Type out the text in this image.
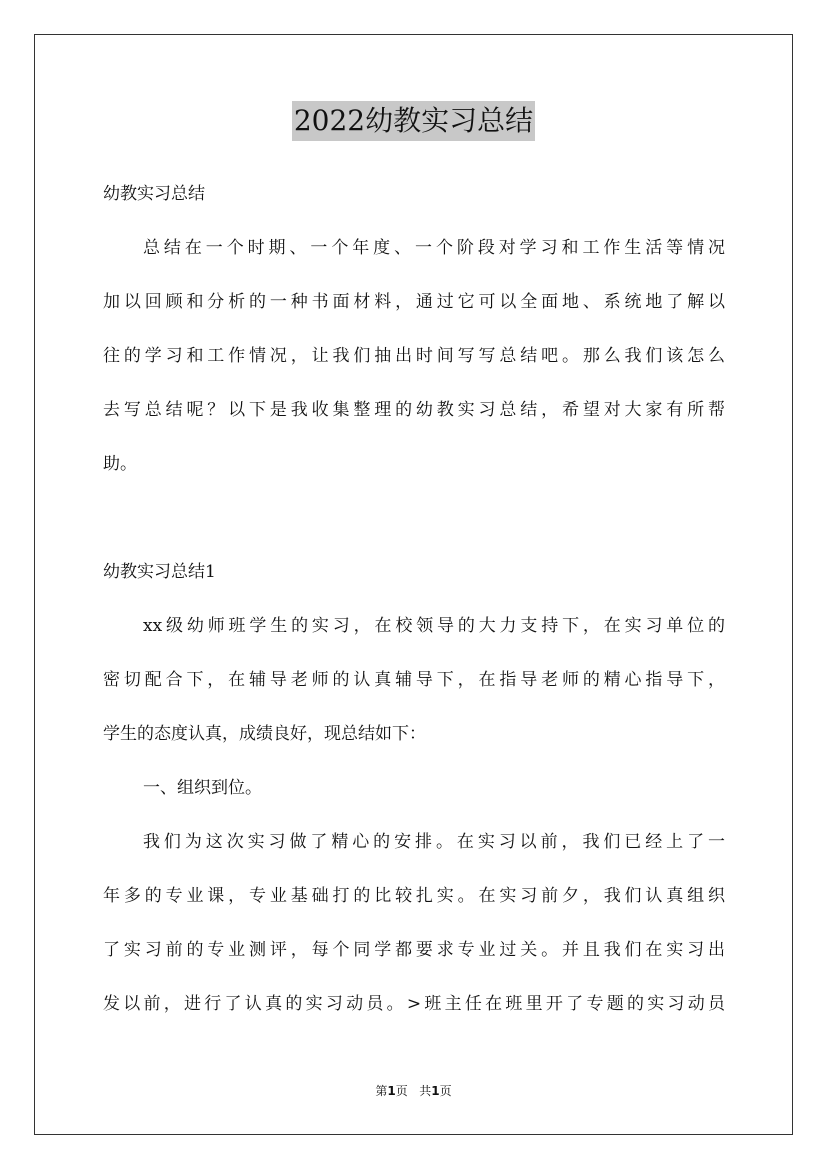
2022幼教实习总结
幼教实习总结
总结在一个时期、一个年度、一个阶段对学习和工作生活等情况
加以回顾和分析的一种书面材料，通过它可以全面地、系统地了解以
往的学习和工作情况，让我们抽出时间写写总结吧。那么我们该怎么
去写总结呢？以下是我收集整理的幼教实习总结，希望对大家有所帮
助。
幼教实习总结1
xx级幼师班学生的实习，在校领导的大力支持下，在实习单位的
密切配合下，在辅导老师的认真辅导下，在指导老师的精心指导下，
学生的态度认真，成绩良好，现总结如下：
一、组织到位。
我们为这次实习做了精心的安排。在实习以前，我们已经上了一
年多的专业课，专业基础打的比较扎实。在实习前夕，我们认真组织
了实习前的专业测评，每个同学都要求专业过关。并且我们在实习出
发以前，进行了认真的实习动员。>班主任在班里开了专题的实习动员
第1页 共1页
